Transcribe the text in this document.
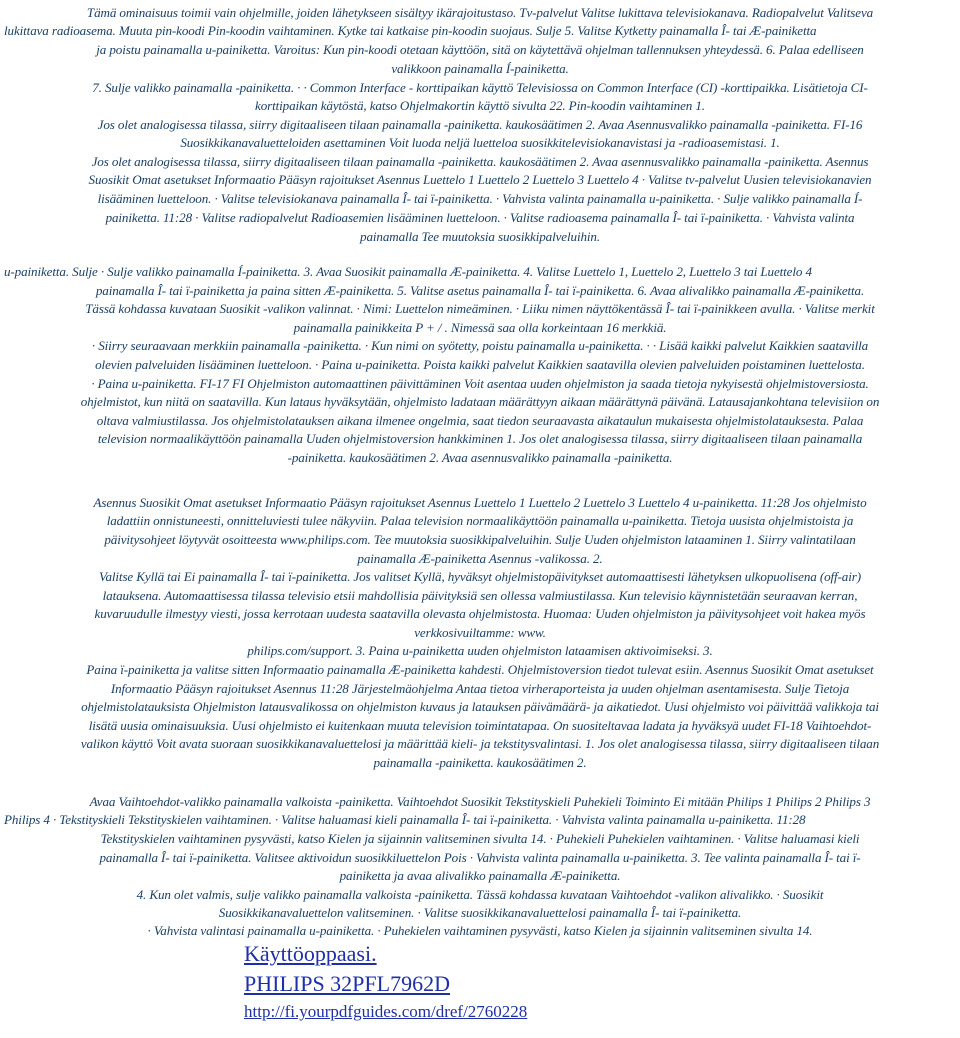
Tämä ominaisuus toimii vain ohjelmille, joiden lähetykseen sisältyy ikärajoitustaso. Tv-palvelut Valitse lukittava televisiokanava. Radiopalvelut Valitseva
lukittava radioasema. Muuta pin-koodi Pin-koodin vaihtaminen. Kytke tai katkaise pin-koodin suojaus. Sulje 5. Valitse Kytketty painamalla Î- tai Æ-painiketta
ja poistu painamalla u-painiketta. Varoitus: Kun pin-koodi otetaan käyttöön, sitä on käytettävä ohjelman tallennuksen yhteydessä. 6. Palaa edelliseen
valikkoon painamalla Í-painiketta.
7. Sulje valikko painamalla -painiketta. · · Common Interface - korttipaikan käyttö Televisiossa on Common Interface (CI) -korttipaikka. Lisätietoja CI-
korttipaikan käytöstä, katso Ohjelmakortin käyttö sivulta 22. Pin-koodin vaihtaminen 1.
Jos olet analogisessa tilassa, siirry digitaaliseen tilaan painamalla -painiketta. kaukosäätimen 2. Avaa Asennusvalikko painamalla -painiketta. FI-16
Suosikkikanavaluetteloiden asettaminen Voit luoda neljä luetteloa suosikkitelevisiokanavistasi ja -radioasemistasi. 1.
Jos olet analogisessa tilassa, siirry digitaaliseen tilaan painamalla -painiketta. kaukosäätimen 2. Avaa asennusvalikko painamalla -painiketta. Asennus
Suosikit Omat asetukset Informaatio Pääsyn rajoitukset Asennus Luettelo 1 Luettelo 2 Luettelo 3 Luettelo 4 · Valitse tv-palvelut Uusien televisiokanavien
lisääminen luetteloon. · Valitse televisiokanava painamalla Î- tai ï-painiketta. · Vahvista valinta painamalla u-painiketta. · Sulje valikko painamalla Í-
painiketta. 11:28 · Valitse radiopalvelut Radioasemien lisääminen luetteloon. · Valitse radioasema painamalla Î- tai ï-painiketta. · Vahvista valinta
painamalla Tee muutoksia suosikkipalveluihin.
u-painiketta. Sulje · Sulje valikko painamalla Í-painiketta. 3. Avaa Suosikit painamalla Æ-painiketta. 4. Valitse Luettelo 1, Luettelo 2, Luettelo 3 tai Luettelo 4
painamalla Î- tai ï-painiketta ja paina sitten Æ-painiketta. 5. Valitse asetus painamalla Î- tai ï-painiketta. 6. Avaa alivalikko painamalla Æ-painiketta.
Tässä kohdassa kuvataan Suosikit -valikon valinnat. · Nimi: Luettelon nimeäminen. · Liiku nimen näyttökentässä Î- tai ï-painikkeen avulla. · Valitse merkit
painamalla painikkeita P + / . Nimessä saa olla korkeintaan 16 merkkiä.
· Siirry seuraavaan merkkiin painamalla -painiketta. · Kun nimi on syötetty, poistu painamalla u-painiketta. · · Lisää kaikki palvelut Kaikkien saatavilla
olevien palveluiden lisääminen luetteloon. · Paina u-painiketta. Poista kaikki palvelut Kaikkien saatavilla olevien palveluiden poistaminen luettelosta.
· Paina u-painiketta. FI-17 FI Ohjelmiston automaattinen päivittäminen Voit asentaa uuden ohjelmiston ja saada tietoja nykyisestä ohjelmistoversiosta.
ohjelmistot, kun niitä on saatavilla. Kun lataus hyväksytään, ohjelmisto ladataan määrättyyn aikaan määrättynä päivänä. Latausajankohtana televisiion on
oltava valmiustilassa. Jos ohjelmistolatauksen aikana ilmenee ongelmia, saat tiedon seuraavasta aikataulun mukaisesta ohjelmistolatauksesta. Palaa
television normaalikäyttöön painamalla Uuden ohjelmistoversion hankkiminen 1. Jos olet analogisessa tilassa, siirry digitaaliseen tilaan painamalla
-painiketta. kaukosäätimen 2. Avaa asennusvalikko painamalla -painiketta.
Asennus Suosikit Omat asetukset Informaatio Pääsyn rajoitukset Asennus Luettelo 1 Luettelo 2 Luettelo 3 Luettelo 4 u-painiketta. 11:28 Jos ohjelmisto
ladattiin onnistuneesti, onnitteluviesti tulee näkyviin. Palaa television normaalikäyttöön painamalla u-painiketta. Tietoja uusista ohjelmistoista ja
päivitysohjeet löytyvät osoitteesta www.philips.com. Tee muutoksia suosikkipalveluihin. Sulje Uuden ohjelmiston lataaminen 1. Siirry valintatilaan
painamalla Æ-painiketta Asennus -valikossa. 2.
Valitse Kyllä tai Ei painamalla Î- tai ï-painiketta. Jos valitset Kyllä, hyväksyt ohjelmistopäivitykset automaattisesti lähetyksen ulkopuolisena (off-air)
latauksena. Automaattisessa tilassa televisio etsii mahdollisia päivityksiä sen ollessa valmiustilassa. Kun televisio käynnistetään seuraavan kerran,
kuvaruudulle ilmestyy viesti, jossa kerrotaan uudesta saatavilla olevasta ohjelmistosta. Huomaa: Uuden ohjelmiston ja päivitysohjeet voit hakea myös
verkkosivuiltamme: www.
philips.com/support. 3. Paina u-painiketta uuden ohjelmiston lataamisen aktivoimiseksi. 3.
Paina ï-painiketta ja valitse sitten Informaatio painamalla Æ-painiketta kahdesti. Ohjelmistoversion tiedot tulevat esiin. Asennus Suosikit Omat asetukset
Informaatio Pääsyn rajoitukset Asennus 11:28 Järjestelmäohjelma Antaa tietoa virheraporteista ja uuden ohjelman asentamisesta. Sulje Tietoja
ohjelmistolatauksista Ohjelmiston latausvalikossa on ohjelmiston kuvaus ja latauksen päivämäärä- ja aikatiedot. Uusi ohjelmisto voi päivittää valikkoja tai
lisätä uusia ominaisuuksia. Uusi ohjelmisto ei kuitenkaan muuta television toimintatapaa. On suositeltavaa ladata ja hyväksyä uudet FI-18 Vaihtoehdot-
valikon käyttö Voit avata suoraan suosikkikanavaluettelosi ja määrittää kieli- ja tekstitysvalintasi. 1. Jos olet analogisessa tilassa, siirry digitaaliseen tilaan
painamalla -painiketta. kaukosäätimen 2.
Avaa Vaihtoehdot-valikko painamalla valkoista -painiketta. Vaihtoehdot Suosikit Tekstityskieli Puhekieli Toiminto Ei mitään Philips 1 Philips 2 Philips 3
Philips 4 · Tekstityskieli Tekstityskielen vaihtaminen. · Valitse haluamasi kieli painamalla Î- tai ï-painiketta. · Vahvista valinta painamalla u-painiketta. 11:28
Tekstityskielen vaihtaminen pysyvästi, katso Kielen ja sijainnin valitseminen sivulta 14. · Puhekieli Puhekielen vaihtaminen. · Valitse haluamasi kieli
painamalla Î- tai ï-painiketta. Valitsee aktivoidun suosikkiluettelon Pois · Vahvista valinta painamalla u-painiketta. 3. Tee valinta painamalla Î- tai ï-
painiketta ja avaa alivalikko painamalla Æ-painiketta.
4. Kun olet valmis, sulje valikko painamalla valkoista -painiketta. Tässä kohdassa kuvataan Vaihtoehdot -valikon alivalikko. · Suosikit
Suosikkikanavaluettelon valitseminen. · Valitse suosikkikanavaluettelosi painamalla Î- tai ï-painiketta.
· Vahvista valintasi painamalla u-painiketta. · Puhekielen vaihtaminen pysyvästi, katso Kielen ja sijainnin valitseminen sivulta 14.
Käyttöoppaasi.
PHILIPS 32PFL7962D
http://fi.yourpdfguides.com/dref/2760228
